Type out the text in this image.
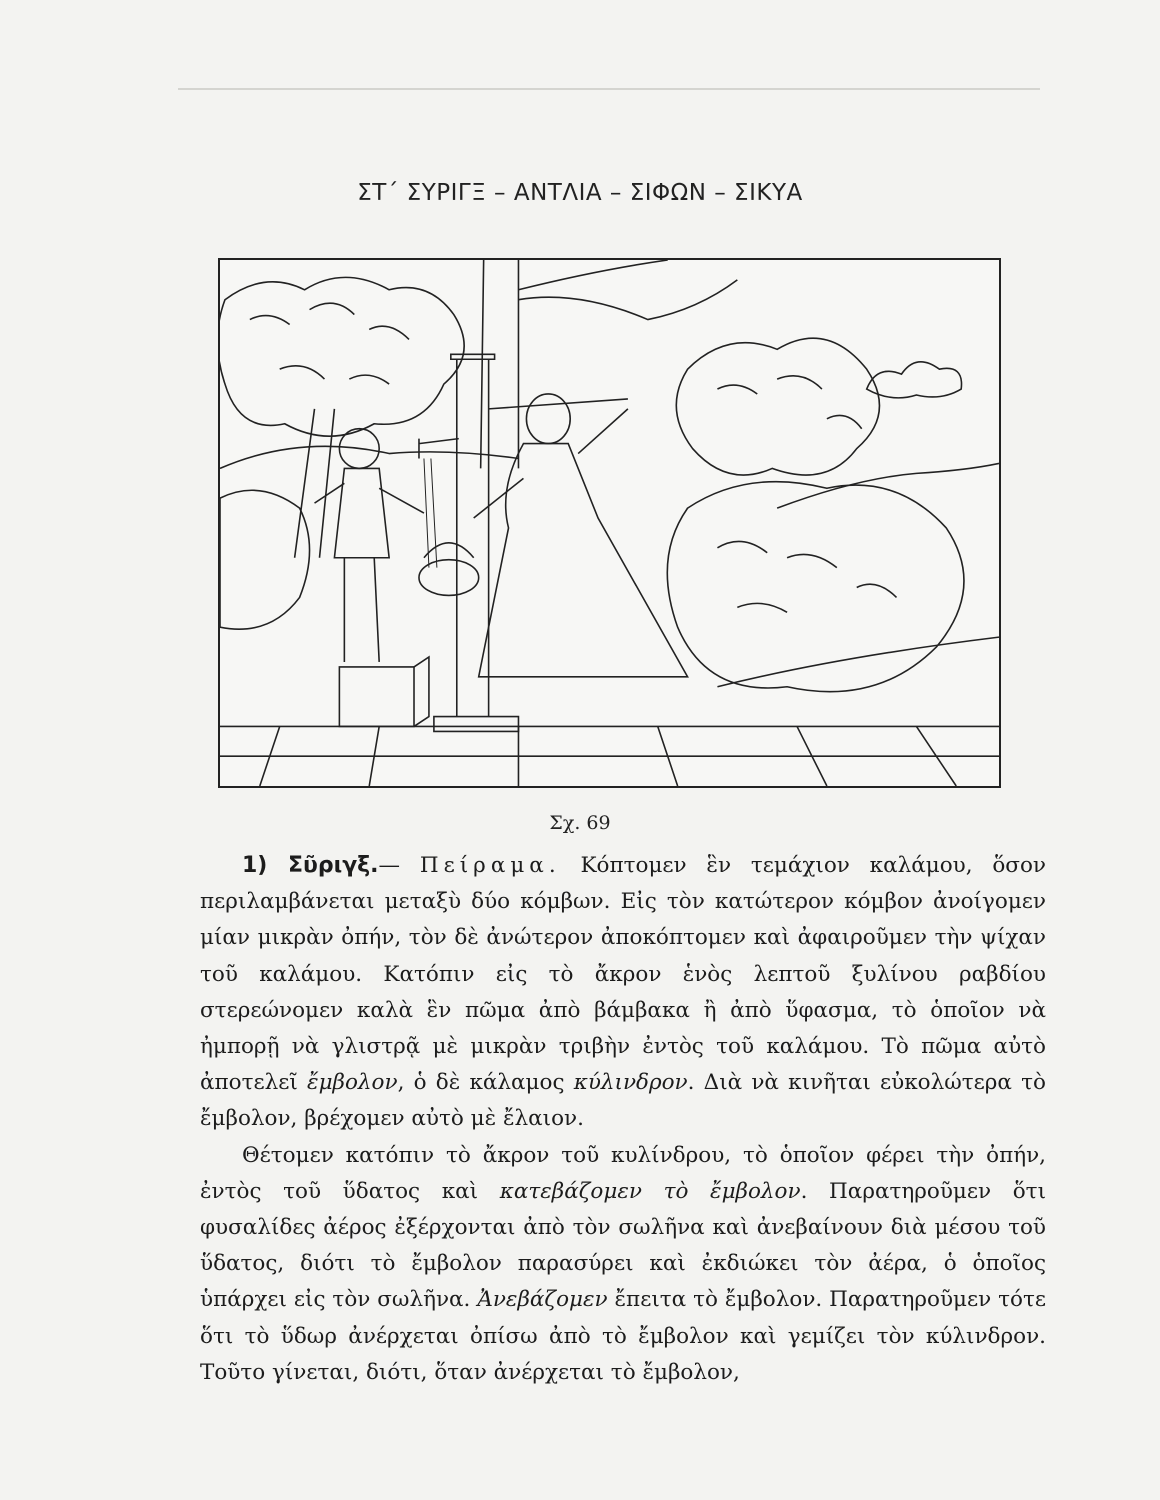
ΣΤ΄ ΣΥΡΙΓΞ – ΑΝΤΛΙΑ – ΣΙΦΩΝ – ΣΙΚΥΑ
Σχ. 69

1) Σῦριγξ.— Πείραμα. Κόπτομεν ἓν τεμάχιον καλάμου, ὅσον περιλαμβάνεται μεταξὺ δύο κόμβων. Εἰς τὸν κατώτερον κόμβον ἀνοίγομεν μίαν μικρὰν ὀπήν, τὸν δὲ ἀνώτερον ἀποκόπτομεν καὶ ἀφαιροῦμεν τὴν ψίχαν τοῦ καλάμου. Κατόπιν εἰς τὸ ἄκρον ἑνὸς λεπτοῦ ξυλίνου ραβδίου στερεώνομεν καλὰ ἓν πῶμα ἀπὸ βάμβακα ἢ ἀπὸ ὕφασμα, τὸ ὁποῖον νὰ ἠμπορῇ νὰ γλιστρᾷ μὲ μικρὰν τριβὴν ἐντὸς τοῦ καλάμου. Τὸ πῶμα αὐτὸ ἀποτελεῖ ἔμβολον, ὁ δὲ κάλαμος κύλινδρον. Διὰ νὰ κινῆται εὐκολώτερα τὸ ἔμβολον, βρέχομεν αὐτὸ μὲ ἔλαιον.

Θέτομεν κατόπιν τὸ ἄκρον τοῦ κυλίνδρου, τὸ ὁποῖον φέρει τὴν ὀπήν, ἐντὸς τοῦ ὕδατος καὶ κατεβάζομεν τὸ ἔμβολον. Παρατηροῦμεν ὅτι φυσαλίδες ἀέρος ἐξέρχονται ἀπὸ τὸν σωλῆνα καὶ ἀνεβαίνουν διὰ μέσου τοῦ ὕδατος, διότι τὸ ἔμβολον παρασύρει καὶ ἐκδιώκει τὸν ἀέρα, ὁ ὁποῖος ὑπάρχει εἰς τὸν σωλῆνα. Ἀνεβάζομεν ἔπειτα τὸ ἔμβολον. Παρατηροῦμεν τότε ὅτι τὸ ὕδωρ ἀνέρχεται ὀπίσω ἀπὸ τὸ ἔμβολον καὶ γεμίζει τὸν κύλινδρον. Τοῦτο γίνεται, διότι, ὅταν ἀνέρχεται τὸ ἔμβολον,
